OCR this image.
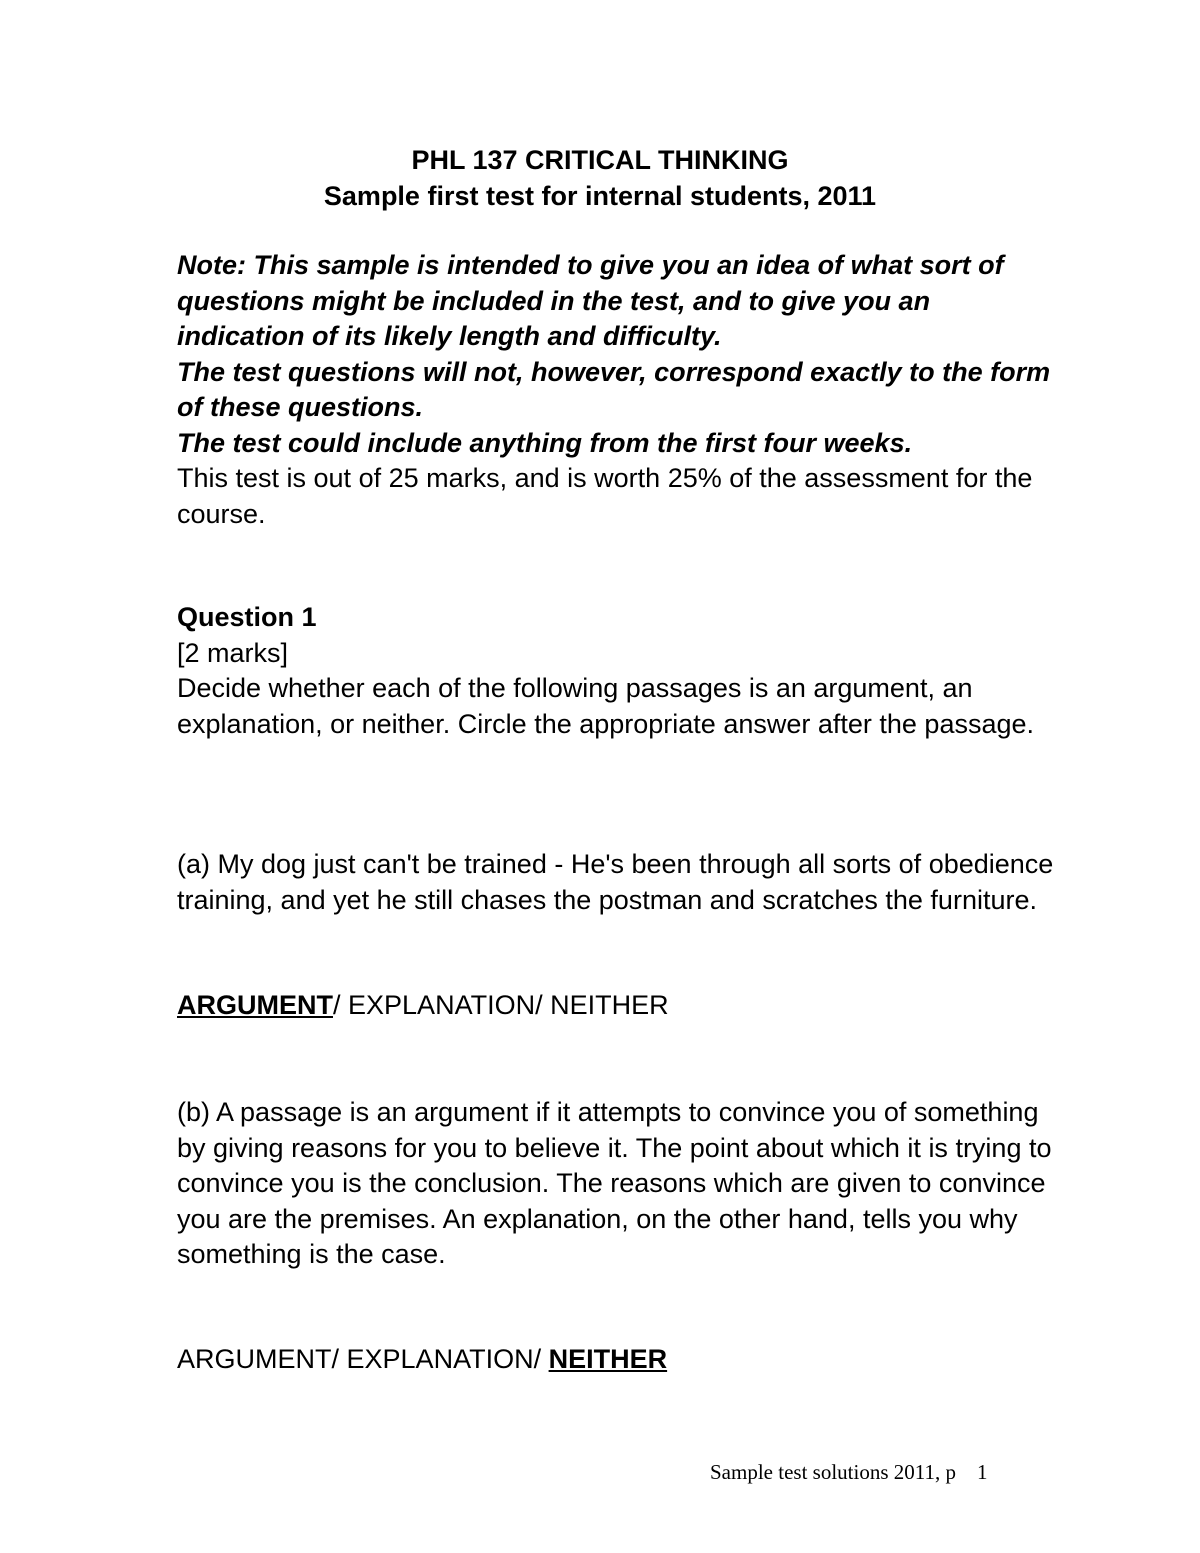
PHL 137 CRITICAL THINKING
Sample first test for internal students, 2011

Note: This sample is intended to give you an idea of what sort of questions might be included in the test, and to give you an indication of its likely length and difficulty.

The test questions will not, however, correspond exactly to the form of these questions.

The test could include anything from the first four weeks.

This test is out of 25 marks, and is worth 25% of the assessment for the course.

Question 1

[2 marks]

Decide whether each of the following passages is an argument, an explanation, or neither. Circle the appropriate answer after the passage.

(a) My dog just can't be trained - He's been through all sorts of obedience training, and yet he still chases the postman and scratches the furniture.

ARGUMENT/ EXPLANATION/ NEITHER

(b) A passage is an argument if it attempts to convince you of something by giving reasons for you to believe it. The point about which it is trying to convince you is the conclusion. The reasons which are given to convince you are the premises. An explanation, on the other hand, tells you why something is the case.

ARGUMENT/ EXPLANATION/ NEITHER
Sample test solutions 2011, p    1
